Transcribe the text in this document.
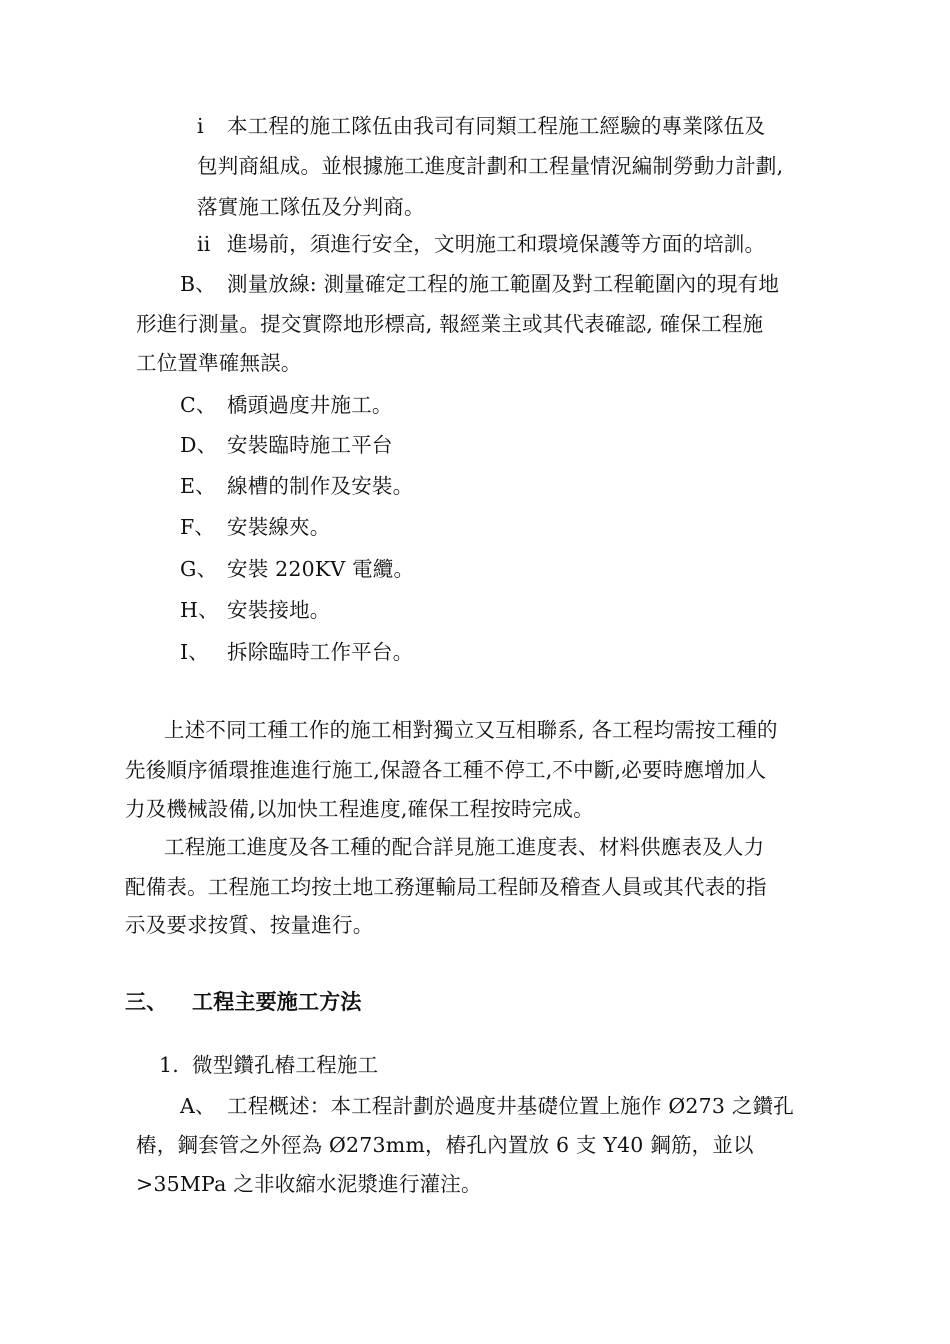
i 本工程的施工隊伍由我司有同類工程施工經驗的專業隊伍及
包判商組成。並根據施工進度計劃和工程量情況編制勞動力計劃,
落實施工隊伍及分判商。
ii 進場前，須進行安全，文明施工和環境保護等方面的培訓。
B、 測量放線: 測量確定工程的施工範圍及對工程範圍內的現有地
形進行測量。提交實際地形標高, 報經業主或其代表確認, 確保工程施
工位置準確無誤。
C、 橋頭過度井施工。
D、 安裝臨時施工平台
E、 線槽的制作及安裝。
F、 安裝線夾。
G、 安裝 220KV 電纜。
H、 安裝接地。
I、 拆除臨時工作平台。
上述不同工種工作的施工相對獨立又互相聯系, 各工程均需按工種的
先後順序循環推進進行施工,保證各工種不停工,不中斷,必要時應增加人
力及機械設備,以加快工程進度,確保工程按時完成。
工程施工進度及各工種的配合詳見施工進度表、材料供應表及人力
配備表。工程施工均按土地工務運輸局工程師及稽查人員或其代表的指
示及要求按質、按量進行。
三、 工程主要施工方法
1. 微型鑽孔樁工程施工
A、 工程概述：本工程計劃於過度井基礎位置上施作 Ø273 之鑽孔
樁，鋼套管之外徑為 Ø273mm，樁孔內置放 6 支 Y40 鋼筋，並以
>35MPa 之非收縮水泥漿進行灌注。
